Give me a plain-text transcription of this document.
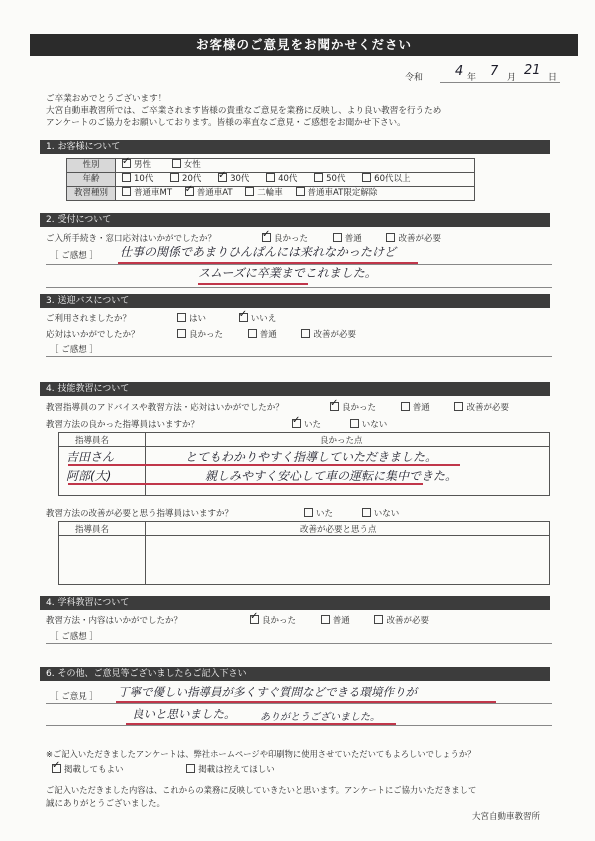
お客様のご意見をお聞かせください
令和 4 年 7 月 21 日
ご卒業おめでとうございます！
大宮自動車教習所では、ご卒業されます皆様の貴重なご意見を業務に反映し、より良い教習を行うため
アンケートのご協力をお願いしております。皆様の率直なご意見・ご感想をお聞かせ下さい。
1. お客様について
性別 ✓	男性	女性
年齢	10代	20代 ✓	30代	40代	50代	60代以上
教習種別	普通車MT ✓	普通車AT	二輪車	普通車AT限定解除
2. 受付について
ご入所手続き・窓口応対はいかがでしたか？ ✓	良かった	普通	改善が必要
［ ご感想 ］ 仕事の関係であまりひんぱんには来れなかったけど
スムーズに卒業までこれました。
3. 送迎バスについて
ご利用されましたか？	はい ✓	いいえ
応対はいかがでしたか？	良かった	普通	改善が必要
［ ご感想 ］
4. 技能教習について
教習指導員のアドバイスや教習方法・応対はいかがでしたか？ ✓	良かった	普通	改善が必要
教習方法の良かった指導員はいますか？ ✓	いた	いない
指導員名	良かった点
吉田さん	とてもわかりやすく指導していただきました。
阿部(大)	親しみやすく安心して車の運転に集中できた。
教習方法の改善が必要と思う指導員はいますか？	いた	いない
指導員名	改善が必要と思う点
4. 学科教習について
教習方法・内容はいかがでしたか？ ✓	良かった	普通	改善が必要
［ ご感想 ］
6. その他、ご意見等ございましたらご記入下さい
［ ご意見 ］ 丁寧で優しい指導員が多くすぐ質問などできる環境作りが
良いと思いました。 ありがとうございました。
※ご記入いただきましたアンケートは、弊社ホームページや印刷物に使用させていただいてもよろしいでしょうか？
✓掲載してもよい	掲載は控えてほしい
ご記入いただきました内容は、これからの業務に反映していきたいと思います。アンケートにご協力いただきまして
誠にありがとうございました。
大宮自動車教習所
